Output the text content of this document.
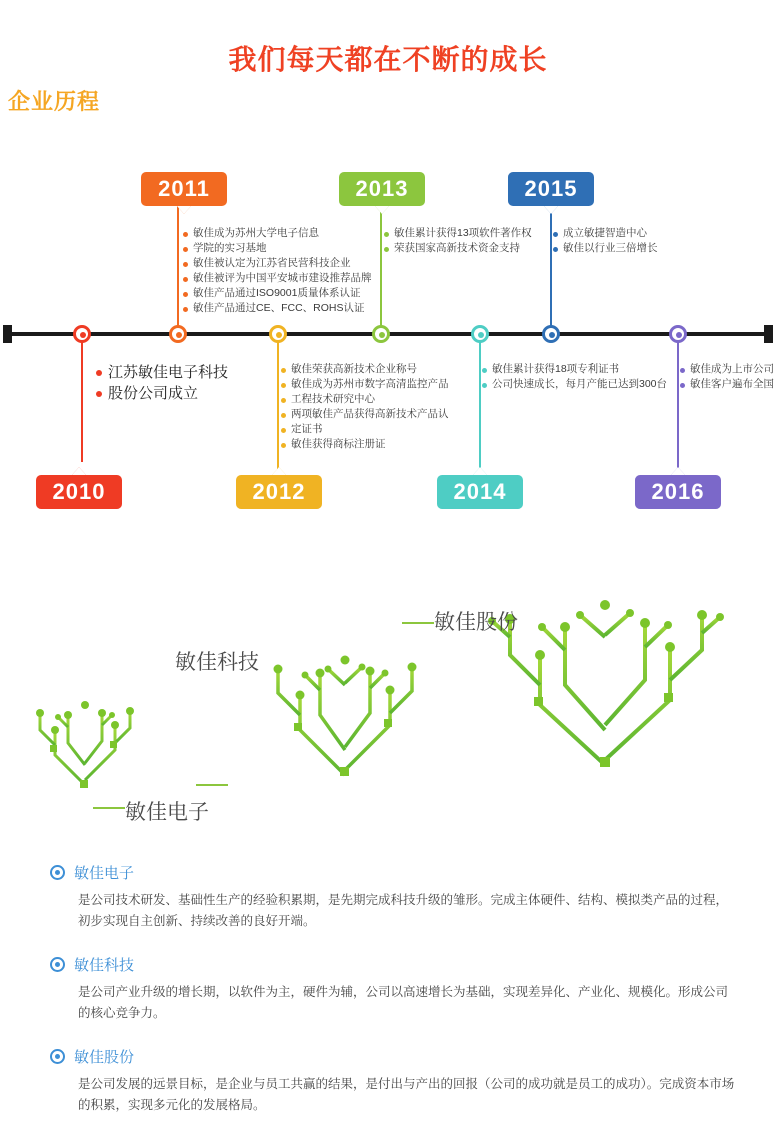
我们每天都在不断的成长
企业历程
2010
江苏敏佳电子科技
股份公司成立
2011
敏佳成为苏州大学电子信息
学院的实习基地
敏佳被认定为江苏省民营科技企业
敏佳被评为中国平安城市建设推荐品牌
敏佳产品通过ISO9001质量体系认证
敏佳产品通过CE、FCC、ROHS认证
2012
敏佳荣获高新技术企业称号
敏佳成为苏州市数字高清监控产品
工程技术研究中心
两项敏佳产品获得高新技术产品认
定证书
敏佳获得商标注册证
2013
敏佳累计获得13项软件著作权
荣获国家高新技术资金支持
2014
敏佳累计获得18项专利证书
公司快速成长，每月产能已达到300台
2015
成立敏捷智造中心
敏佳以行业三倍增长
2016
敏佳成为上市公司
敏佳客户遍布全国
敏佳股份
敏佳科技
敏佳电子
敏佳电子
是公司技术研发、基础性生产的经验积累期，是先期完成科技升级的雏形。完成主体硬件、结构、模拟类产品的过程，初步实现自主创新、持续改善的良好开端。
敏佳科技
是公司产业升级的增长期，以软件为主，硬件为辅，公司以高速增长为基础，实现差异化、产业化、规模化。形成公司的核心竞争力。
敏佳股份
是公司发展的远景目标，是企业与员工共赢的结果，是付出与产出的回报（公司的成功就是员工的成功）。完成资本市场的积累，实现多元化的发展格局。
